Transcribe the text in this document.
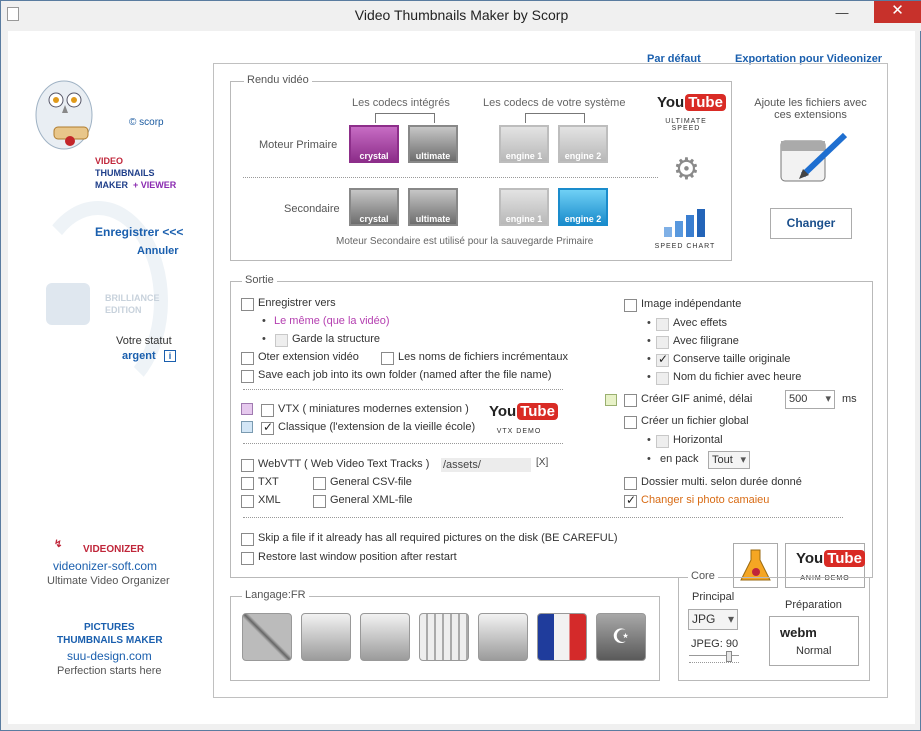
Video Thumbnails Maker by Scorp	—	✕
© scorp
VIDEO
THUMBNAILS
MAKER + VIEWER
Enregistrer <<<
Annuler
BRILLIANCE
EDITION
Votre statut
argent	i
↯	VIDEONIZER
videonizer-soft.com
Ultimate Video Organizer
PICTURES
THUMBNAILS MAKER
suu-design.com
Perfection starts here
Par défaut	Exportation pour Videonizer
Rendu vidéo
Les codecs intégrés	Les codecs de votre système
Moteur Primaire
crystal	ultimate	engine 1	engine 2
Secondaire
crystal	ultimate	engine 1	engine 2
Moteur Secondaire est utilisé pour la sauvegarde Primaire
You Tube
ULTIMATE SPEED
⚙
SPEED CHART
Ajoute les fichiers avec ces extensions
Changer
Sortie
Enregistrer vers
• Le même (que la vidéo)
• Garde la structure
Oter extension vidéo	Les noms de fichiers incrémentaux
Save each job into its own folder (named after the file name)
VTX ( miniatures modernes extension )
✓
Classique (l'extension de la vieille école)
You Tube
VTX DEMO
WebVTT ( Web Video Text Tracks ) /assets/	[X]
TXT	General CSV-file
XML	General XML-file
Skip a file if it already has all required pictures on the disk (BE CAREFUL)
Restore last window position after restart
Image indépendante
• Avec effets
• Avec filigrane
•
✓ Conserve taille originale
• Nom du fichier avec heure
Créer GIF animé, délai	500 ▾	ms
Créer un fichier global
• Horizontal
• en pack	Tout ▾
Dossier multi. selon durée donné
✓
Changer si photo camaieu
You Tube
ANIM DEMO
Langage:FR
☪
Core
Principal
JPG ▾
JPEG: 90
Préparation
webm
Normal
